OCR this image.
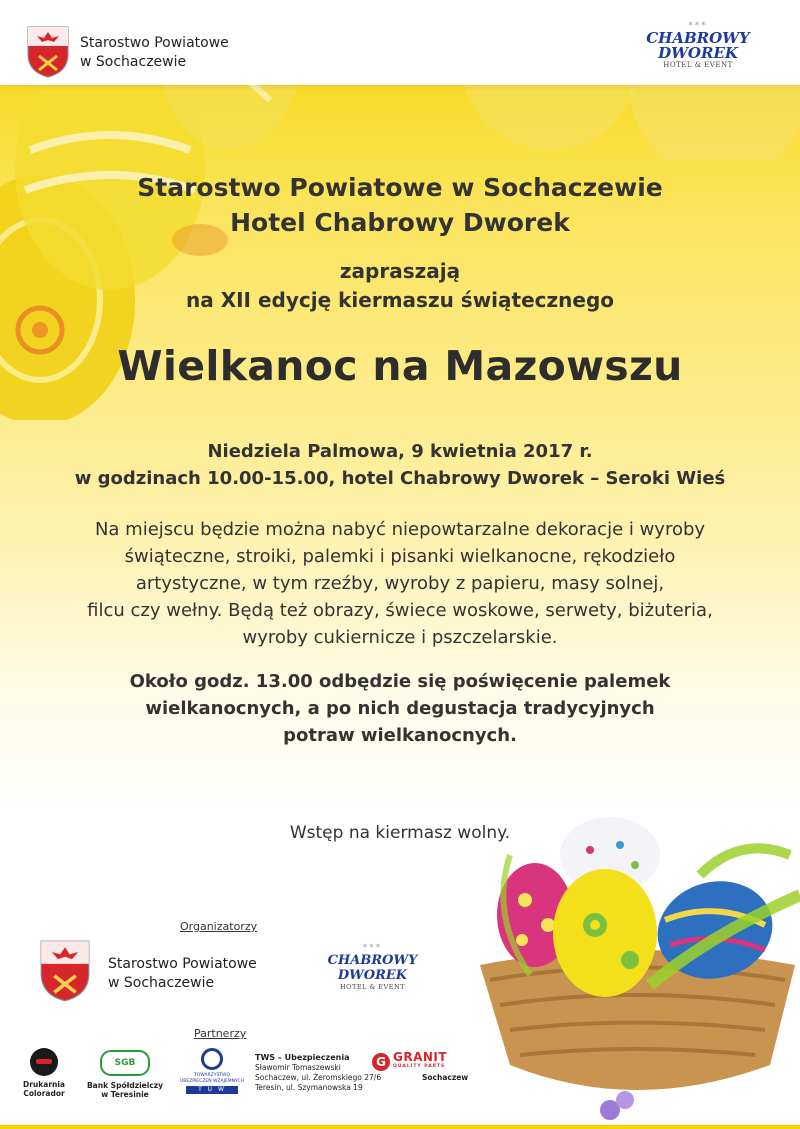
Starostwo Powiatowe
w Sochaczewie
***
CHABROWY DWOREK
HOTEL & EVENT
Starostwo Powiatowe w Sochaczewie
Hotel Chabrowy Dworek
zapraszają
na XII edycję kiermaszu świątecznego
Wielkanoc na Mazowszu
Niedziela Palmowa, 9 kwietnia 2017 r.
w godzinach 10.00-15.00, hotel Chabrowy Dworek – Seroki Wieś
Na miejscu będzie można nabyć niepowtarzalne dekoracje i wyroby
świąteczne, stroiki, palemki i pisanki wielkanocne, rękodzieło
artystyczne, w tym rzeźby, wyroby z papieru, masy solnej,
filcu czy wełny. Będą też obrazy, świece woskowe, serwety, biżuteria,
wyroby cukiernicze i pszczelarskie.
Około godz. 13.00 odbędzie się poświęcenie palemek
wielkanocnych, a po nich degustacja tradycyjnych
potraw wielkanocnych.
Wstęp na kiermasz wolny.
Organizatorzy
Starostwo Powiatowe
w Sochaczewie
***
CHABROWY DWOREK
HOTEL & EVENT
Partnerzy
Drukarnia
Colorador
SGB
Bank Spółdzielczy
w Teresinie
TOWARZYSTWO
UBEZPIECZEŃ WZAJEMNYCH
T U W
TWS – Ubezpieczenia
Sławomir Tomaszewski
Sochaczew, ul. Żeromskiego 27/6
Teresin, ul. Szymanowska 19
G GRANIT
QUALITY PARTS
Sochaczew
